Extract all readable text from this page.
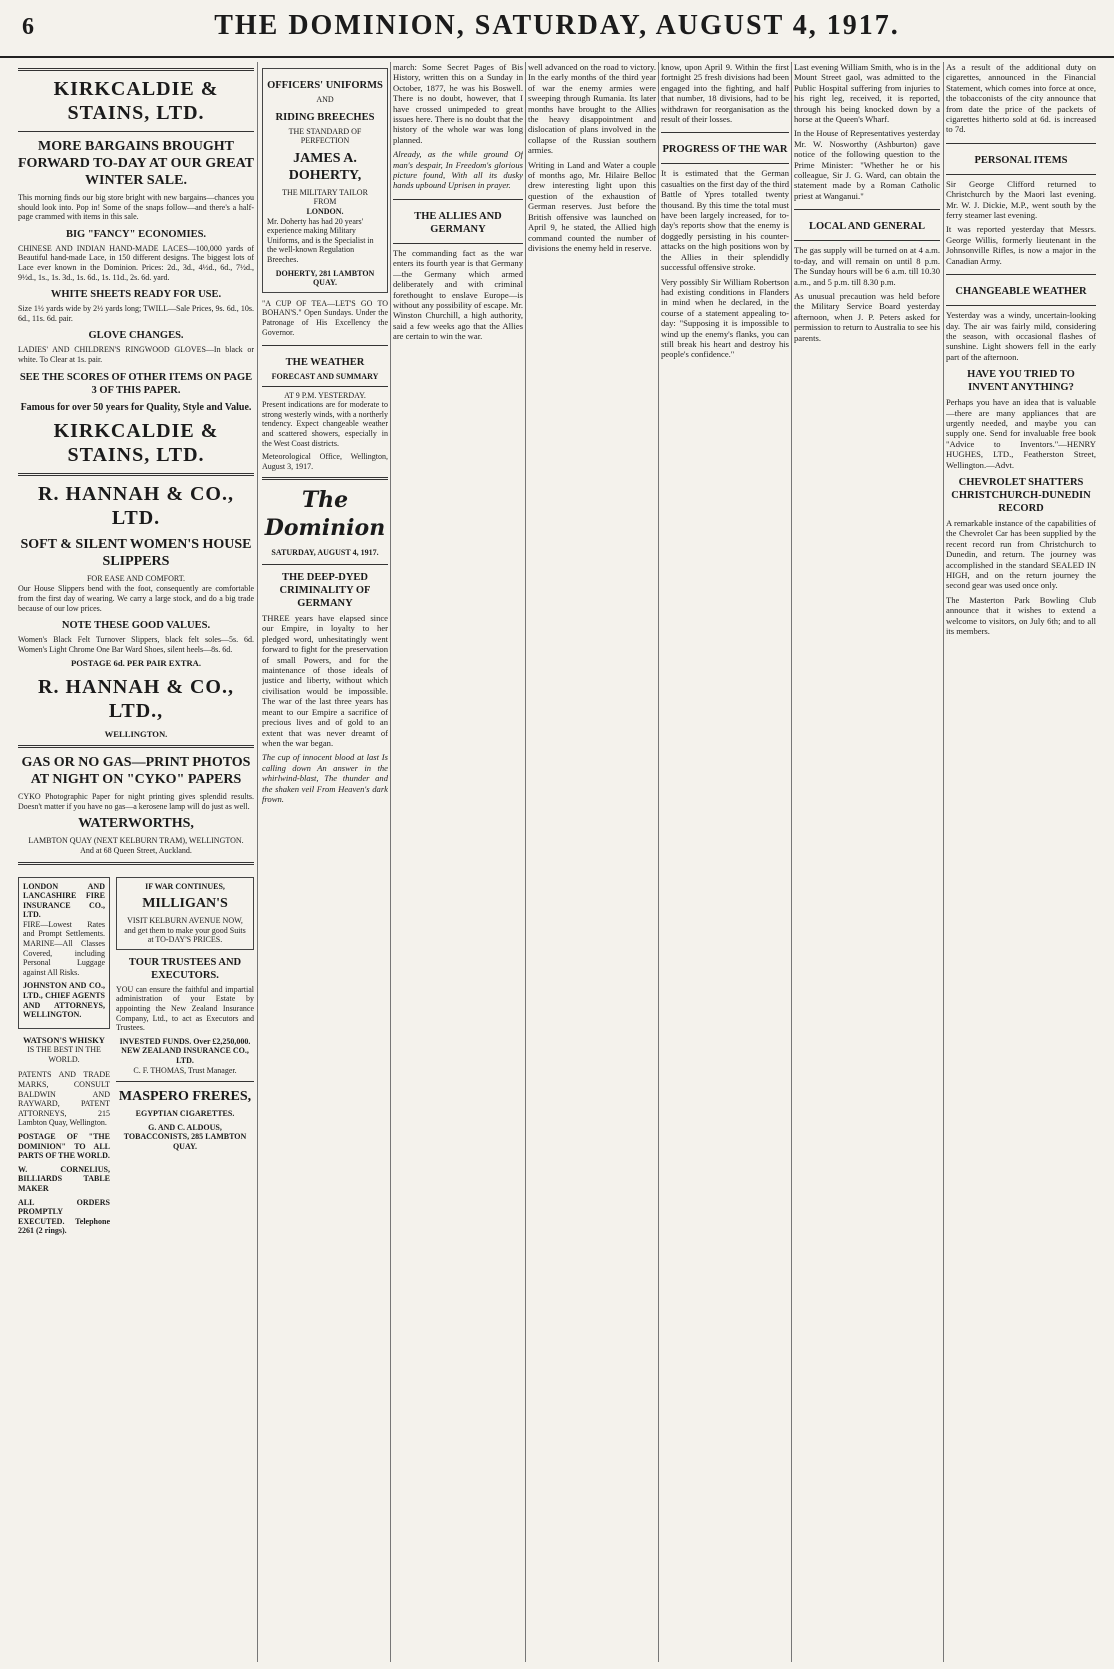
6	THE DOMINION, SATURDAY, AUGUST 4, 1917.
KIRKCALDIE & STAINS, LTD.
MORE BARGAINS BROUGHT FORWARD TO-DAY AT OUR GREAT WINTER SALE.

This morning finds our big store bright with new bargains—chances you should look into. Pop in! Some of the snaps follow—and there's a half-page crammed with items in this sale.

BIG "FANCY" ECONOMIES.

CHINESE AND INDIAN HAND-MADE LACES—100,000 yards of Beautiful hand-made Lace, in 150 different designs. The biggest lots of Lace ever known in the Dominion. Prices: 2d., 3d., 4½d., 6d., 7½d., 9½d., 1s., 1s. 3d., 1s. 6d., 1s. 11d., 2s. 6d. yard.

WHITE SHEETS READY FOR USE.

Size 1½ yards wide by 2½ yards long; TWILL—Sale Prices, 9s. 6d., 10s. 6d., 11s. 6d. pair.

GLOVE CHANGES.

LADIES' AND CHILDREN'S RINGWOOD GLOVES—In black or white. To Clear at 1s. pair.

SEE THE SCORES OF OTHER ITEMS ON PAGE 3 OF THIS PAPER.
Famous for over 50 years for Quality, Style and Value.
KIRKCALDIE & STAINS, LTD.
R. HANNAH & CO., LTD.
SOFT & SILENT WOMEN'S HOUSE SLIPPERS
FOR EASE AND COMFORT.

Our House Slippers bend with the foot, consequently are comfortable from the first day of wearing. We carry a large stock, and do a big trade because of our low prices.

NOTE THESE GOOD VALUES.

Women's Black Felt Turnover Slippers, black felt soles—5s. 6d. Women's Light Chrome One Bar Ward Shoes, silent heels—8s. 6d.

POSTAGE 6d. PER PAIR EXTRA.
R. HANNAH & CO., LTD.,
WELLINGTON.
GAS OR NO GAS—PRINT PHOTOS AT NIGHT ON "CYKO" PAPERS

CYKO Photographic Paper for night printing gives splendid results. Doesn't matter if you have no gas—a kerosene lamp will do just as well.

WATERWORTHS,
LAMBTON QUAY (NEXT KELBURN TRAM), WELLINGTON.
And at 68 Queen Street, Auckland.
LONDON AND LANCASHIRE FIRE INSURANCE CO., LTD.

FIRE—Lowest Rates and Prompt Settlements. MARINE—All Classes Covered, including Personal Luggage against All Risks.

JOHNSTON AND CO., LTD., CHIEF AGENTS AND ATTORNEYS, WELLINGTON.

WATSON'S WHISKY
IS THE BEST IN THE WORLD.

PATENTS AND TRADE MARKS, CONSULT BALDWIN AND RAYWARD, PATENT ATTORNEYS, 215 Lambton Quay, Wellington.

POSTAGE OF "THE DOMINION" TO ALL PARTS OF THE WORLD.

W. CORNELIUS, BILLIARDS TABLE MAKER

ALL ORDERS PROMPTLY EXECUTED. Telephone 2261 (2 rings).

IF WAR CONTINUES,
MILLIGAN'S
VISIT KELBURN AVENUE NOW, and get them to make your good Suits at TO-DAY'S PRICES.
TOUR TRUSTEES AND EXECUTORS.

YOU can ensure the faithful and impartial administration of your Estate by appointing the New Zealand Insurance Company, Ltd., to act as Executors and Trustees.

INVESTED FUNDS. Over £2,250,000.
NEW ZEALAND INSURANCE CO., LTD.
C. F. THOMAS, Trust Manager.
MASPERO FRERES,
EGYPTIAN CIGARETTES.
G. AND C. ALDOUS, TOBACCONISTS, 285 LAMBTON QUAY.
OFFICERS' UNIFORMS
AND
RIDING BREECHES
THE STANDARD OF PERFECTION
JAMES A. DOHERTY,
THE MILITARY TAILOR
FROM
LONDON.

Mr. Doherty has had 20 years' experience making Military Uniforms, and is the Specialist in the well-known Regulation Breeches.

DOHERTY, 281 LAMBTON QUAY.

"A CUP OF TEA—LET'S GO TO BOHAN'S." Open Sundays. Under the Patronage of His Excellency the Governor.

THE WEATHER
FORECAST AND SUMMARY
AT 9 P.M. YESTERDAY.

Present indications are for moderate to strong westerly winds, with a northerly tendency. Expect changeable weather and scattered showers, especially in the West Coast districts.

Meteorological Office, Wellington, August 3, 1917.

The Dominion
SATURDAY, AUGUST 4, 1917.
THE DEEP-DYED CRIMINALITY OF GERMANY

THREE years have elapsed since our Empire, in loyalty to her pledged word, unhesitatingly went forward to fight for the preservation of small Powers, and for the maintenance of those ideals of justice and liberty, without which civilisation would be impossible. The war of the last three years has meant to our Empire a sacrifice of precious lives and of gold to an extent that was never dreamt of when the war began.

The cup of innocent blood at last Is calling down An answer in the whirlwind-blast, The thunder and the shaken veil From Heaven's dark frown.

march: Some Secret Pages of Bis History, written this on a Sunday in October, 1877, he was his Boswell. There is no doubt, however, that I have crossed unimpeded to great issues here. There is no doubt that the history of the whole war was long planned.

Already, as the while ground Of man's despair, In Freedom's glorious picture found, With all its dusky hands upbound Uprisen in prayer.

THE ALLIES AND GERMANY

The commanding fact as the war enters its fourth year is that Germany—the Germany which armed deliberately and with criminal forethought to enslave Europe—is without any possibility of escape. Mr. Winston Churchill, a high authority, said a few weeks ago that the Allies are certain to win the war.

well advanced on the road to victory. In the early months of the third year of war the enemy armies were sweeping through Rumania. Its later months have brought to the Allies the heavy disappointment and dislocation of plans involved in the collapse of the Russian southern armies.

Writing in Land and Water a couple of months ago, Mr. Hilaire Belloc drew interesting light upon this question of the exhaustion of German reserves. Just before the British offensive was launched on April 9, he stated, the Allied high command counted the number of divisions the enemy held in reserve.

know, upon April 9. Within the first fortnight 25 fresh divisions had been engaged into the fighting, and half that number, 18 divisions, had to be withdrawn for reorganisation as the result of their losses.

PROGRESS OF THE WAR

It is estimated that the German casualties on the first day of the third Battle of Ypres totalled twenty thousand. By this time the total must have been largely increased, for to-day's reports show that the enemy is doggedly persisting in his counter-attacks on the high positions won by the Allies in their splendidly successful offensive stroke.

Very possibly Sir William Robertson had existing conditions in Flanders in mind when he declared, in the course of a statement appealing to-day: "Supposing it is impossible to wind up the enemy's flanks, you can still break his heart and destroy his people's confidence."

Last evening William Smith, who is in the Mount Street gaol, was admitted to the Public Hospital suffering from injuries to his right leg, received, it is reported, through his being knocked down by a horse at the Queen's Wharf.

In the House of Representatives yesterday Mr. W. Nosworthy (Ashburton) gave notice of the following question to the Prime Minister: "Whether he or his colleague, Sir J. G. Ward, can obtain the statement made by a Roman Catholic priest at Wanganui."

LOCAL AND GENERAL

The gas supply will be turned on at 4 a.m. to-day, and will remain on until 8 p.m. The Sunday hours will be 6 a.m. till 10.30 a.m., and 5 p.m. till 8.30 p.m.

As unusual precaution was held before the Military Service Board yesterday afternoon, when J. P. Peters asked for permission to return to Australia to see his parents.

As a result of the additional duty on cigarettes, announced in the Financial Statement, which comes into force at once, the tobacconists of the city announce that from date the price of the packets of cigarettes hitherto sold at 6d. is increased to 7d.

PERSONAL ITEMS

Sir George Clifford returned to Christchurch by the Maori last evening. Mr. W. J. Dickie, M.P., went south by the ferry steamer last evening.

It was reported yesterday that Messrs. George Willis, formerly lieutenant in the Johnsonville Rifles, is now a major in the Canadian Army.

CHANGEABLE WEATHER

Yesterday was a windy, uncertain-looking day. The air was fairly mild, considering the season, with occasional flashes of sunshine. Light showers fell in the early part of the afternoon.

HAVE YOU TRIED TO INVENT ANYTHING?

Perhaps you have an idea that is valuable—there are many appliances that are urgently needed, and maybe you can supply one. Send for invaluable free book "Advice to Inventors."—HENRY HUGHES, LTD., Featherston Street, Wellington.—Advt.

CHEVROLET SHATTERS CHRISTCHURCH-DUNEDIN RECORD

A remarkable instance of the capabilities of the Chevrolet Car has been supplied by the recent record run from Christchurch to Dunedin, and return. The journey was accomplished in the standard SEALED IN HIGH, and on the return journey the second gear was used once only.

The Masterton Park Bowling Club announce that it wishes to extend a welcome to visitors, on July 6th; and to all its members.
